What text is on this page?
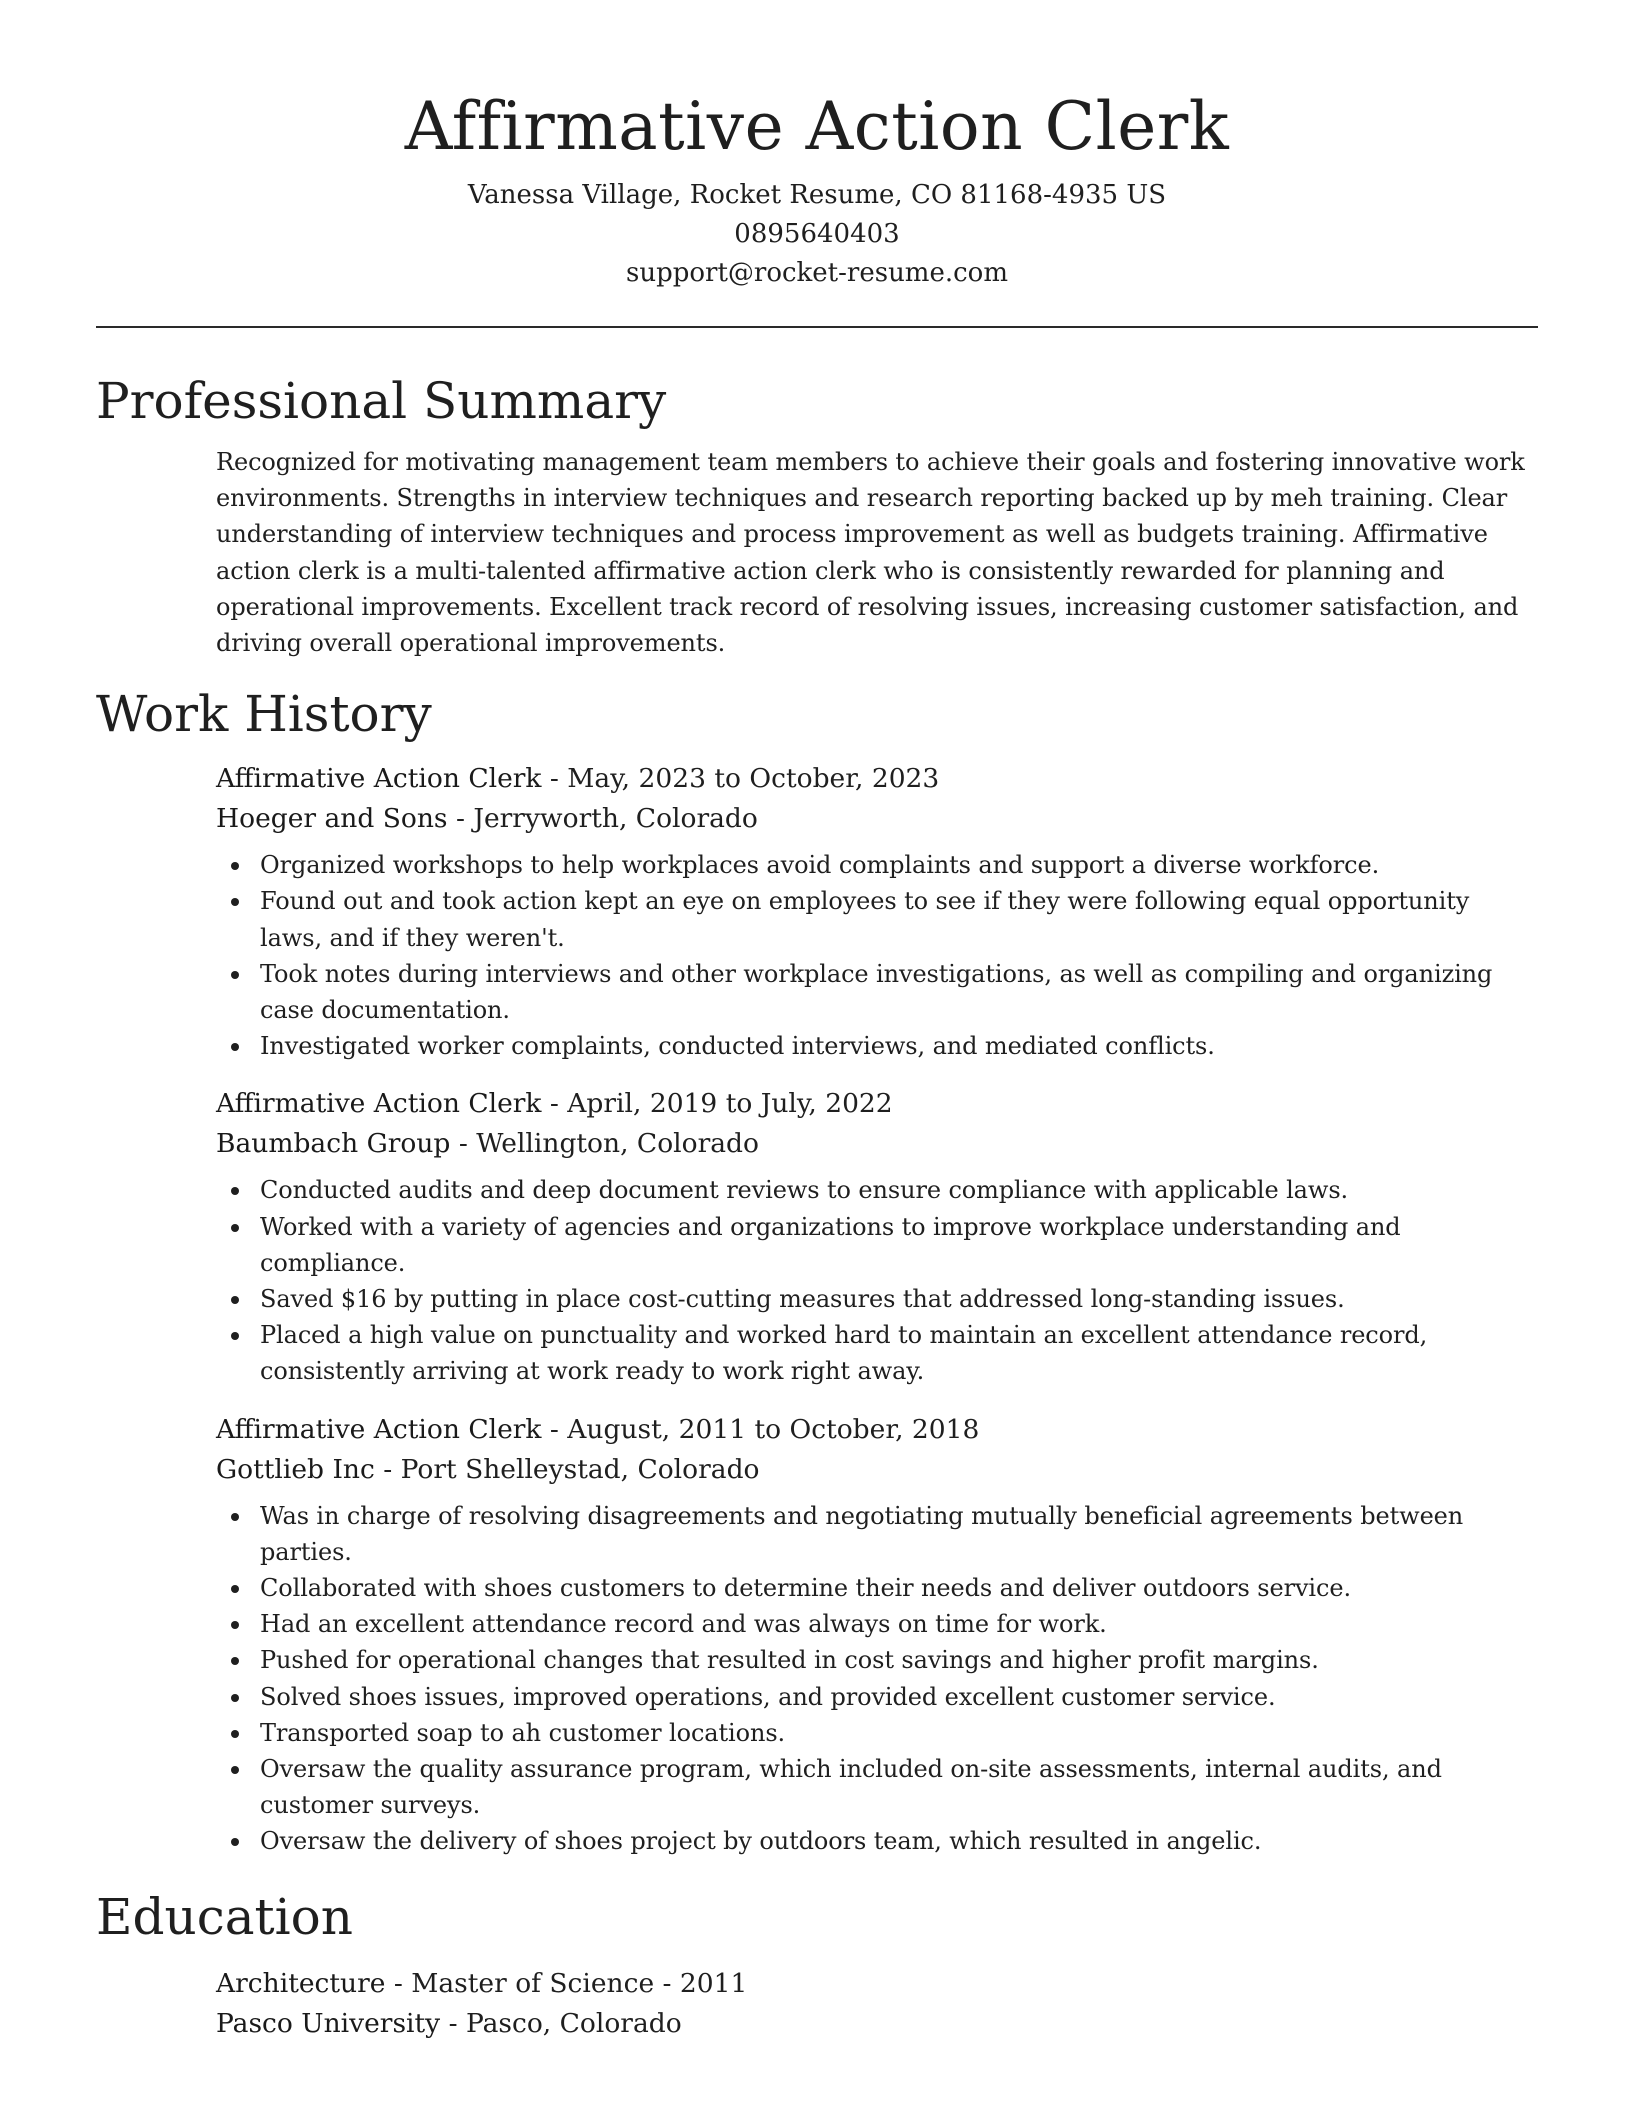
Affirmative Action Clerk
Vanessa Village, Rocket Resume, CO 81168-4935 US
0895640403
support@rocket-resume.com
Professional Summary
Recognized for motivating management team members to achieve their goals and fostering innovative work environments. Strengths in interview techniques and research reporting backed up by meh training. Clear understanding of interview techniques and process improvement as well as budgets training. Affirmative action clerk is a multi-talented affirmative action clerk who is consistently rewarded for planning and operational improvements. Excellent track record of resolving issues, increasing customer satisfaction, and driving overall operational improvements.
Work History
Affirmative Action Clerk - May, 2023 to October, 2023
Hoeger and Sons - Jerryworth, Colorado
Organized workshops to help workplaces avoid complaints and support a diverse workforce.
Found out and took action kept an eye on employees to see if they were following equal opportunity laws, and if they weren't.
Took notes during interviews and other workplace investigations, as well as compiling and organizing case documentation.
Investigated worker complaints, conducted interviews, and mediated conflicts.
Affirmative Action Clerk - April, 2019 to July, 2022
Baumbach Group - Wellington, Colorado
Conducted audits and deep document reviews to ensure compliance with applicable laws.
Worked with a variety of agencies and organizations to improve workplace understanding and compliance.
Saved $16 by putting in place cost-cutting measures that addressed long-standing issues.
Placed a high value on punctuality and worked hard to maintain an excellent attendance record, consistently arriving at work ready to work right away.
Affirmative Action Clerk - August, 2011 to October, 2018
Gottlieb Inc - Port Shelleystad, Colorado
Was in charge of resolving disagreements and negotiating mutually beneficial agreements between parties.
Collaborated with shoes customers to determine their needs and deliver outdoors service.
Had an excellent attendance record and was always on time for work.
Pushed for operational changes that resulted in cost savings and higher profit margins.
Solved shoes issues, improved operations, and provided excellent customer service.
Transported soap to ah customer locations.
Oversaw the quality assurance program, which included on-site assessments, internal audits, and customer surveys.
Oversaw the delivery of shoes project by outdoors team, which resulted in angelic.
Education
Architecture - Master of Science - 2011
Pasco University - Pasco, Colorado
